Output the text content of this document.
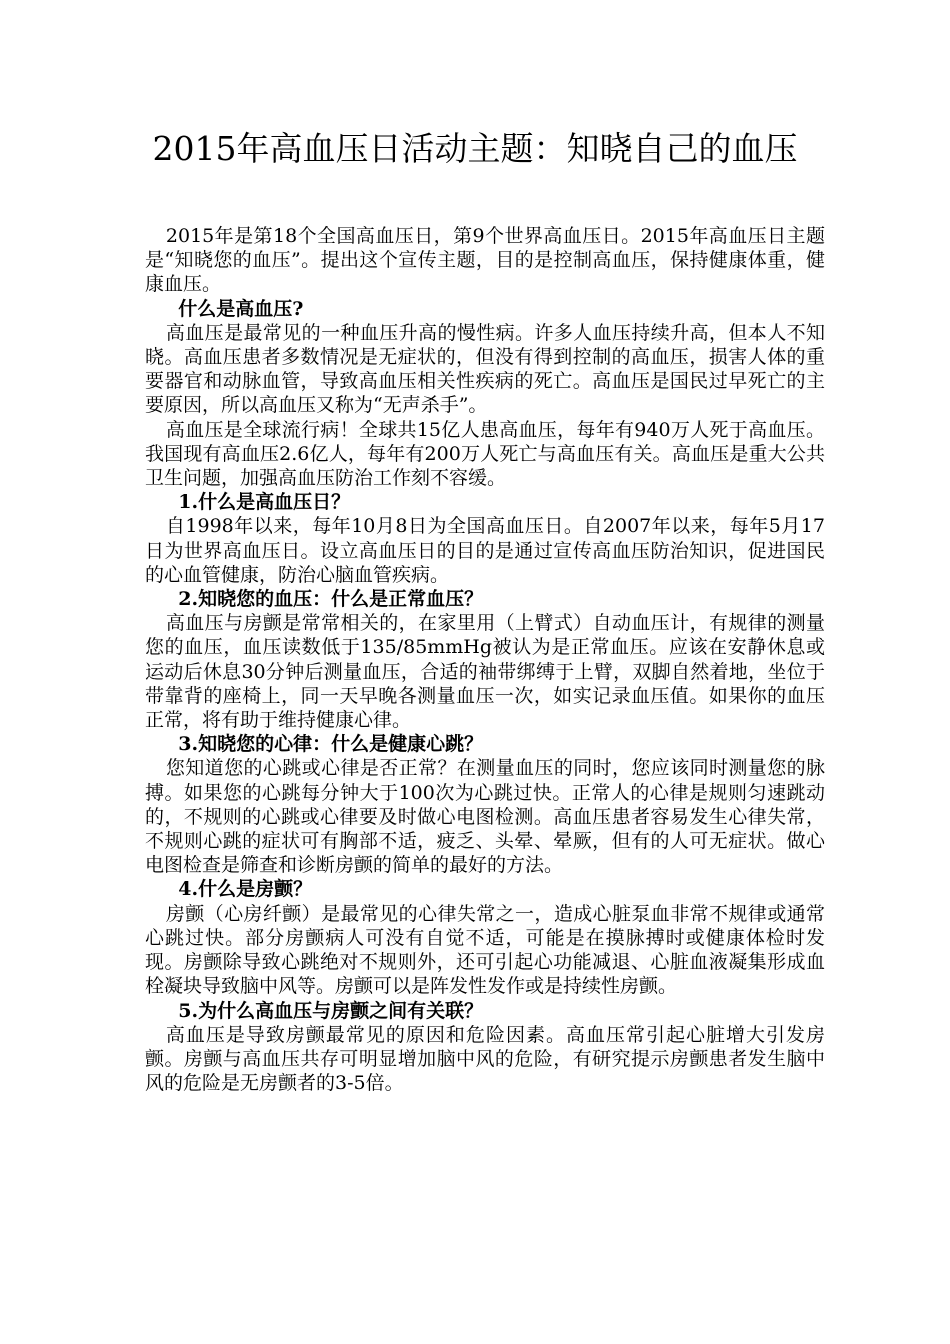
2015年高血压日活动主题：知晓自己的血压

2015年是第18个全国高血压日，第9个世界高血压日。2015年高血压日主题是“知晓您的血压”。提出这个宣传主题，目的是控制高血压，保持健康体重，健康血压。

什么是高血压?

高血压是最常见的一种血压升高的慢性病。许多人血压持续升高，但本人不知晓。高血压患者多数情况是无症状的，但没有得到控制的高血压，损害人体的重要器官和动脉血管，导致高血压相关性疾病的死亡。高血压是国民过早死亡的主要原因，所以高血压又称为“无声杀手”。

高血压是全球流行病！全球共15亿人患高血压，每年有940万人死于高血压。我国现有高血压2.6亿人，每年有200万人死亡与高血压有关。高血压是重大公共卫生问题，加强高血压防治工作刻不容缓。

1.什么是高血压日？

自1998年以来，每年10月8日为全国高血压日。自2007年以来，每年5月17日为世界高血压日。设立高血压日的目的是通过宣传高血压防治知识，促进国民的心血管健康，防治心脑血管疾病。

2.知晓您的血压：什么是正常血压？

高血压与房颤是常常相关的，在家里用（上臂式）自动血压计，有规律的测量您的血压，血压读数低于135/85mmHg被认为是正常血压。应该在安静休息或运动后休息30分钟后测量血压，合适的袖带绑缚于上臂，双脚自然着地，坐位于带靠背的座椅上，同一天早晚各测量血压一次，如实记录血压值。如果你的血压正常，将有助于维持健康心律。

3.知晓您的心律：什么是健康心跳？

您知道您的心跳或心律是否正常？在测量血压的同时，您应该同时测量您的脉搏。如果您的心跳每分钟大于100次为心跳过快。正常人的心律是规则匀速跳动的，不规则的心跳或心律要及时做心电图检测。高血压患者容易发生心律失常，不规则心跳的症状可有胸部不适，疲乏、头晕、晕厥，但有的人可无症状。做心电图检查是筛查和诊断房颤的简单的最好的方法。

4.什么是房颤？

房颤（心房纤颤）是最常见的心律失常之一，造成心脏泵血非常不规律或通常心跳过快。部分房颤病人可没有自觉不适，可能是在摸脉搏时或健康体检时发现。房颤除导致心跳绝对不规则外，还可引起心功能减退、心脏血液凝集形成血栓凝块导致脑中风等。房颤可以是阵发性发作或是持续性房颤。

5.为什么高血压与房颤之间有关联？

高血压是导致房颤最常见的原因和危险因素。高血压常引起心脏增大引发房颤。房颤与高血压共存可明显增加脑中风的危险，有研究提示房颤患者发生脑中风的危险是无房颤者的3-5倍。
